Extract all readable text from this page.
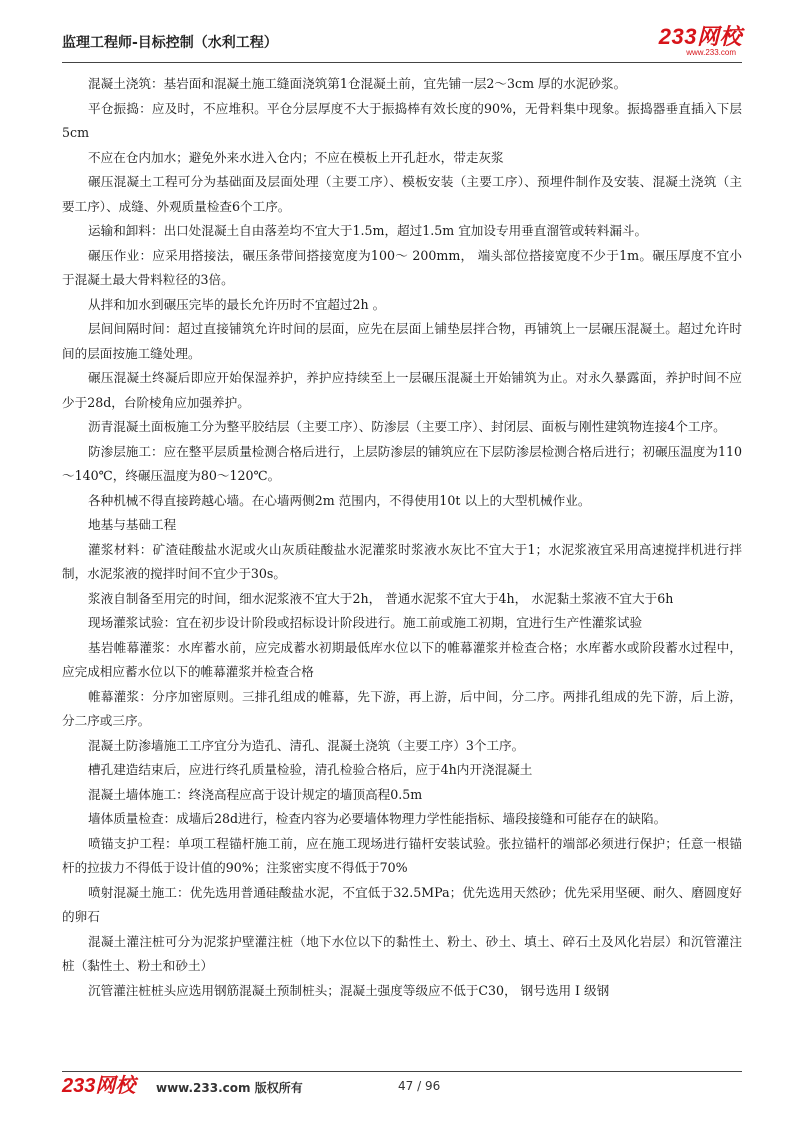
监理工程师-目标控制（水利工程）	233网校
www.233.com

混凝土浇筑：基岩面和混凝土施工缝面浇筑第1仓混凝土前，宜先铺一层2～3cm 厚的水泥砂浆。

平仓振捣：应及时，不应堆积。平仓分层厚度不大于振捣棒有效长度的90%，无骨料集中现象。振捣器垂直插入下层5cm

不应在仓内加水；避免外来水进入仓内；不应在模板上开孔赶水，带走灰浆

碾压混凝土工程可分为基础面及层面处理（主要工序）、模板安装（主要工序）、预埋件制作及安装、混凝土浇筑（主要工序）、成缝、外观质量检查6个工序。

运输和卸料：出口处混凝土自由落差均不宜大于1.5m，超过1.5m 宜加设专用垂直溜管或转料漏斗。

碾压作业：应采用搭接法，碾压条带间搭接宽度为100～ 200mm， 端头部位搭接宽度不少于1m。碾压厚度不宜小于混凝土最大骨料粒径的3倍。

从拌和加水到碾压完毕的最长允许历时不宜超过2h 。

层间间隔时间：超过直接铺筑允许时间的层面，应先在层面上铺垫层拌合物，再铺筑上一层碾压混凝土。超过允许时间的层面按施工缝处理。

碾压混凝土终凝后即应开始保湿养护，养护应持续至上一层碾压混凝土开始铺筑为止。对永久暴露面，养护时间不应少于28d，台阶棱角应加强养护。

沥青混凝土面板施工分为整平胶结层（主要工序）、防渗层（主要工序）、封闭层、面板与刚性建筑物连接4个工序。

防渗层施工：应在整平层质量检测合格后进行，上层防渗层的铺筑应在下层防渗层检测合格后进行；初碾压温度为110～140℃，终碾压温度为80～120℃。

各种机械不得直接跨越心墙。在心墙两侧2m 范围内，不得使用10t 以上的大型机械作业。

地基与基础工程

灌浆材料：矿渣硅酸盐水泥或火山灰质硅酸盐水泥灌浆时浆液水灰比不宜大于1；水泥浆液宜采用高速搅拌机进行拌制，水泥浆液的搅拌时间不宜少于30s。

浆液自制备至用完的时间，细水泥浆液不宜大于2h， 普通水泥浆不宜大于4h， 水泥黏土浆液不宜大于6h

现场灌浆试验：宜在初步设计阶段或招标设计阶段进行。施工前或施工初期，宜进行生产性灌浆试验

基岩帷幕灌浆：水库蓄水前，应完成蓄水初期最低库水位以下的帷幕灌浆并检查合格；水库蓄水或阶段蓄水过程中，应完成相应蓄水位以下的帷幕灌浆并检查合格

帷幕灌浆：分序加密原则。三排孔组成的帷幕，先下游，再上游，后中间，分二序。两排孔组成的先下游，后上游，分二序或三序。

混凝土防渗墙施工工序宜分为造孔、清孔、混凝土浇筑（主要工序）3个工序。

槽孔建造结束后，应进行终孔质量检验，清孔检验合格后，应于4h内开浇混凝土

混凝土墙体施工：终浇高程应高于设计规定的墙顶高程0.5m

墙体质量检查：成墙后28d进行，检查内容为必要墙体物理力学性能指标、墙段接缝和可能存在的缺陷。

喷锚支护工程：单项工程锚杆施工前，应在施工现场进行锚杆安装试验。张拉锚杆的端部必须进行保护；任意一根锚杆的拉拔力不得低于设计值的90%；注浆密实度不得低于70%

喷射混凝土施工：优先选用普通硅酸盐水泥，不宜低于32.5MPa；优先选用天然砂；优先采用坚硬、耐久、磨圆度好的卵石

混凝土灌注桩可分为泥浆护壁灌注桩（地下水位以下的黏性土、粉土、砂土、填土、碎石土及风化岩层）和沉管灌注桩（黏性土、粉土和砂土）

沉管灌注桩桩头应选用钢筋混凝土预制桩头；混凝土强度等级应不低于C30， 钢号选用 Ⅰ 级钢

233网校 www.233.com 版权所有	47 / 96
